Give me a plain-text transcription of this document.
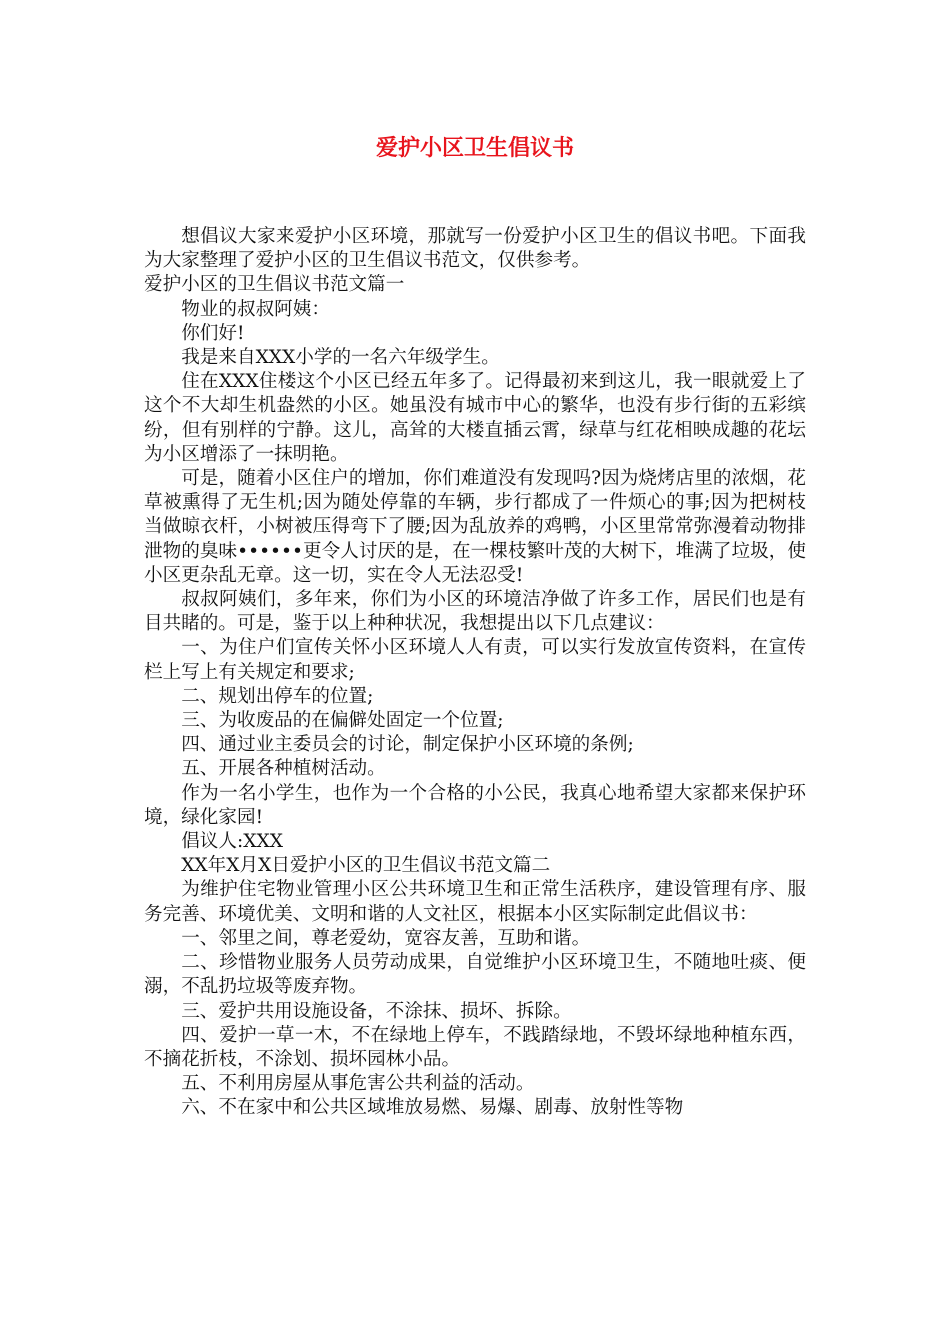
爱护小区卫生倡议书

想倡议大家来爱护小区环境，那就写一份爱护小区卫生的倡议书吧。下面我为大家整理了爱护小区的卫生倡议书范文，仅供参考。

爱护小区的卫生倡议书范文篇一

物业的叔叔阿姨：

你们好!

我是来自XXX小学的一名六年级学生。

住在XXX住楼这个小区已经五年多了。记得最初来到这儿，我一眼就爱上了这个不大却生机盎然的小区。她虽没有城市中心的繁华，也没有步行街的五彩缤纷，但有别样的宁静。这儿，高耸的大楼直插云霄，绿草与红花相映成趣的花坛为小区增添了一抹明艳。

可是，随着小区住户的增加，你们难道没有发现吗?因为烧烤店里的浓烟，花草被熏得了无生机;因为随处停靠的车辆，步行都成了一件烦心的事;因为把树枝当做晾衣杆，小树被压得弯下了腰;因为乱放养的鸡鸭，小区里常常弥漫着动物排泄物的臭味••••••更令人讨厌的是，在一棵枝繁叶茂的大树下，堆满了垃圾，使小区更杂乱无章。这一切，实在令人无法忍受!

叔叔阿姨们，多年来，你们为小区的环境洁净做了许多工作，居民们也是有目共睹的。可是，鉴于以上种种状况，我想提出以下几点建议：

一、为住户们宣传关怀小区环境人人有责，可以实行发放宣传资料，在宣传栏上写上有关规定和要求;

二、规划出停车的位置;

三、为收废品的在偏僻处固定一个位置;

四、通过业主委员会的讨论，制定保护小区环境的条例;

五、开展各种植树活动。

作为一名小学生，也作为一个合格的小公民，我真心地希望大家都来保护环境，绿化家园!

倡议人:XXX

XX年X月X日爱护小区的卫生倡议书范文篇二

为维护住宅物业管理小区公共环境卫生和正常生活秩序，建设管理有序、服务完善、环境优美、文明和谐的人文社区，根据本小区实际制定此倡议书：

一、邻里之间，尊老爱幼，宽容友善，互助和谐。

二、珍惜物业服务人员劳动成果，自觉维护小区环境卫生，不随地吐痰、便溺，不乱扔垃圾等废弃物。

三、爱护共用设施设备，不涂抹、损坏、拆除。

四、爱护一草一木，不在绿地上停车，不践踏绿地，不毁坏绿地种植东西，不摘花折枝，不涂划、损坏园林小品。

五、不利用房屋从事危害公共利益的活动。

六、不在家中和公共区域堆放易燃、易爆、剧毒、放射性等物
